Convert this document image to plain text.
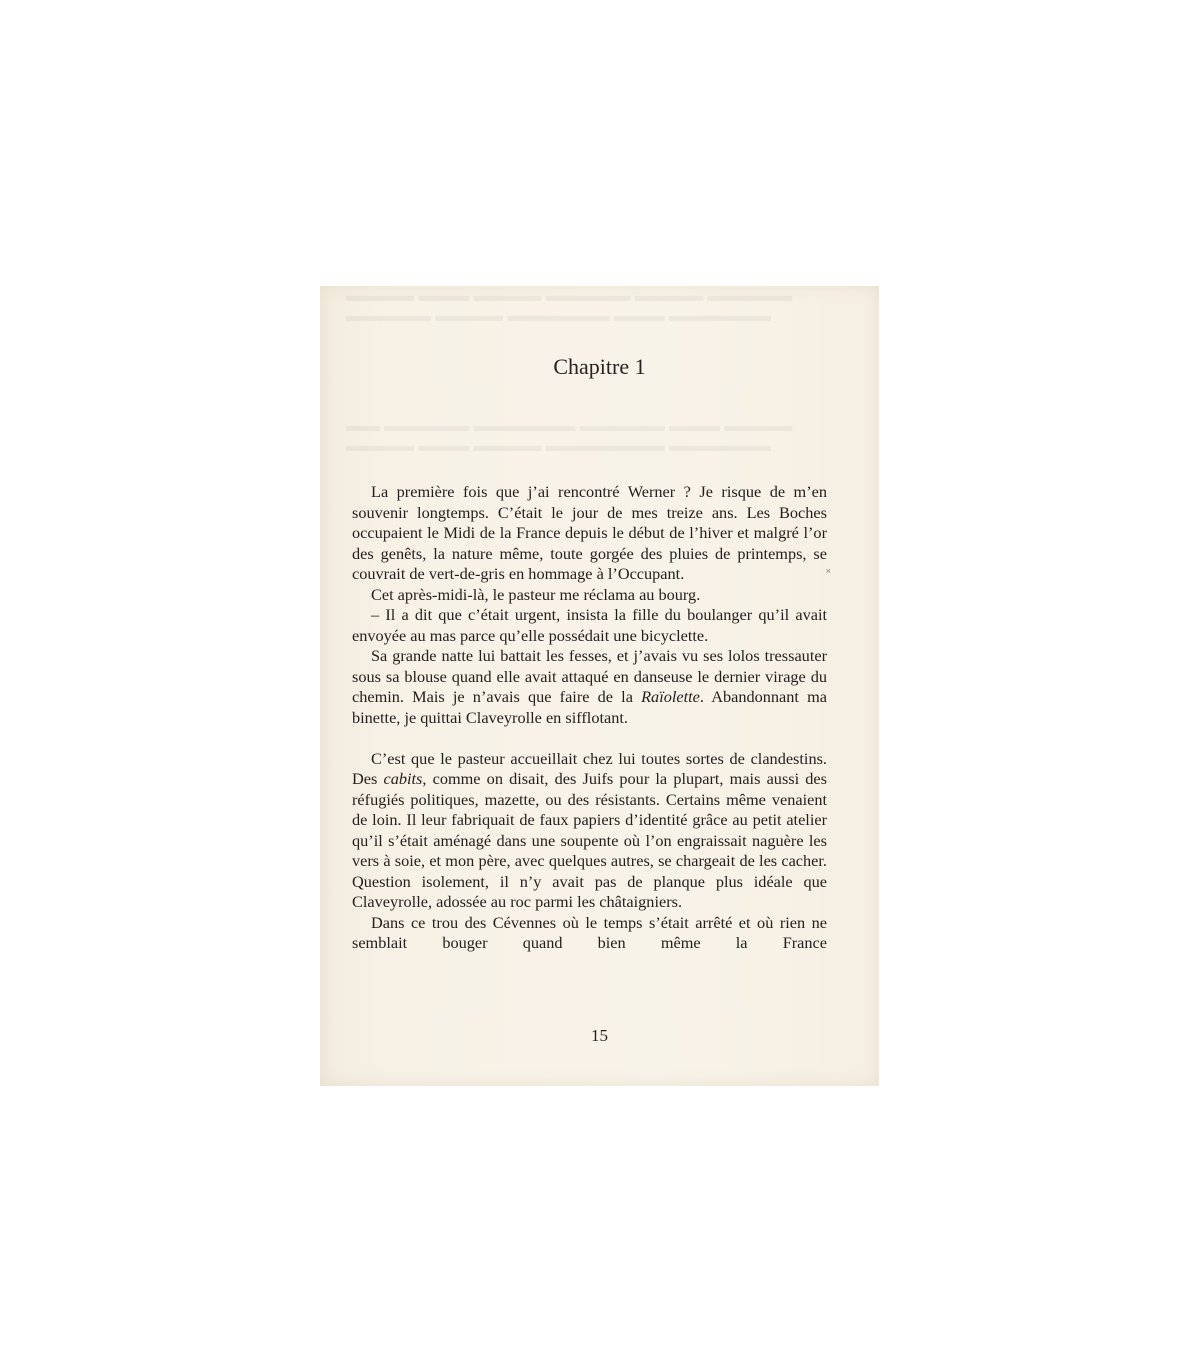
▬▬▬▬ ▬▬▬ ▬▬▬▬ ▬▬▬▬▬ ▬▬▬▬ ▬▬▬▬▬
▬▬▬▬▬ ▬▬▬▬ ▬▬▬▬▬▬ ▬▬▬ ▬▬▬▬▬▬
▬▬ ▬▬▬▬▬ ▬▬▬▬▬▬ ▬▬▬▬▬ ▬▬▬ ▬▬▬▬
▬▬▬▬ ▬▬▬ ▬▬▬▬ ▬▬▬▬▬▬▬ ▬▬▬▬▬▬
Chapitre 1

La première fois que j’ai rencontré Werner ? Je risque de m’en souvenir longtemps. C’était le jour de mes treize ans. Les Boches occupaient le Midi de la France depuis le début de l’hiver et malgré l’or des genêts, la nature même, toute gorgée des pluies de printemps, se couvrait de vert-de-gris en hommage à l’Occupant.

Cet après-midi-là, le pasteur me réclama au bourg.

– Il a dit que c’était urgent, insista la fille du boulanger qu’il avait envoyée au mas parce qu’elle possédait une bicyclette.

Sa grande natte lui battait les fesses, et j’avais vu ses lolos tressauter sous sa blouse quand elle avait attaqué en danseuse le dernier virage du chemin. Mais je n’avais que faire de la Raïolette. Abandonnant ma binette, je quittai Claveyrolle en sifflotant.

C’est que le pasteur accueillait chez lui toutes sortes de clandestins. Des cabits, comme on disait, des Juifs pour la plupart, mais aussi des réfugiés politiques, mazette, ou des résistants. Certains même venaient de loin. Il leur fabriquait de faux papiers d’identité grâce au petit atelier qu’il s’était aménagé dans une soupente où l’on engraissait naguère les vers à soie, et mon père, avec quelques autres, se chargeait de les cacher. Question isolement, il n’y avait pas de planque plus idéale que Claveyrolle, adossée au roc parmi les châtaigniers.

Dans ce trou des Cévennes où le temps s’était arrêté et où rien ne semblait bouger quand bien même la France

15
˟
